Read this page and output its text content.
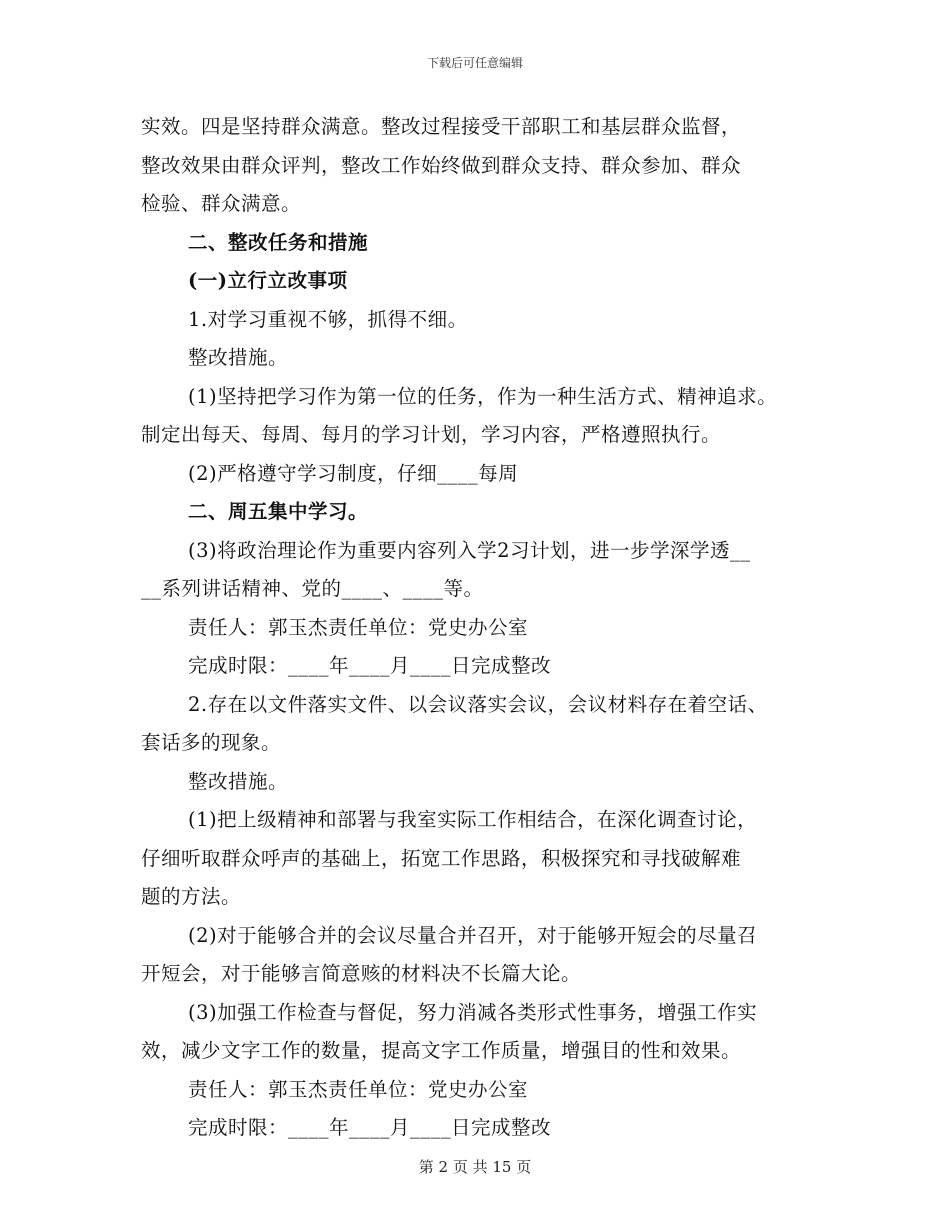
下载后可任意编辑
实效。四是坚持群众满意。整改过程接受干部职工和基层群众监督，
整改效果由群众评判，整改工作始终做到群众支持、群众参加、群众
检验、群众满意。
二、整改任务和措施
(一)立行立改事项
1.对学习重视不够，抓得不细。
整改措施。
(1)坚持把学习作为第一位的任务，作为一种生活方式、精神追求。
制定出每天、每周、每月的学习计划，学习内容，严格遵照执行。
(2)严格遵守学习制度，仔细____每周
二、周五集中学习。
(3)将政治理论作为重要内容列入学2习计划，进一步学深学透__
__系列讲话精神、党的____、____等。
责任人：郭玉杰责任单位：党史办公室
完成时限：____年____月____日完成整改
2.存在以文件落实文件、以会议落实会议，会议材料存在着空话、
套话多的现象。
整改措施。
(1)把上级精神和部署与我室实际工作相结合，在深化调查讨论，
仔细听取群众呼声的基础上，拓宽工作思路，积极探究和寻找破解难
题的方法。
(2)对于能够合并的会议尽量合并召开，对于能够开短会的尽量召
开短会，对于能够言简意赅的材料决不长篇大论。
(3)加强工作检查与督促，努力消减各类形式性事务，增强工作实
效，减少文字工作的数量，提高文字工作质量，增强目的性和效果。
责任人：郭玉杰责任单位：党史办公室
完成时限：____年____月____日完成整改
第 2 页 共 15 页
